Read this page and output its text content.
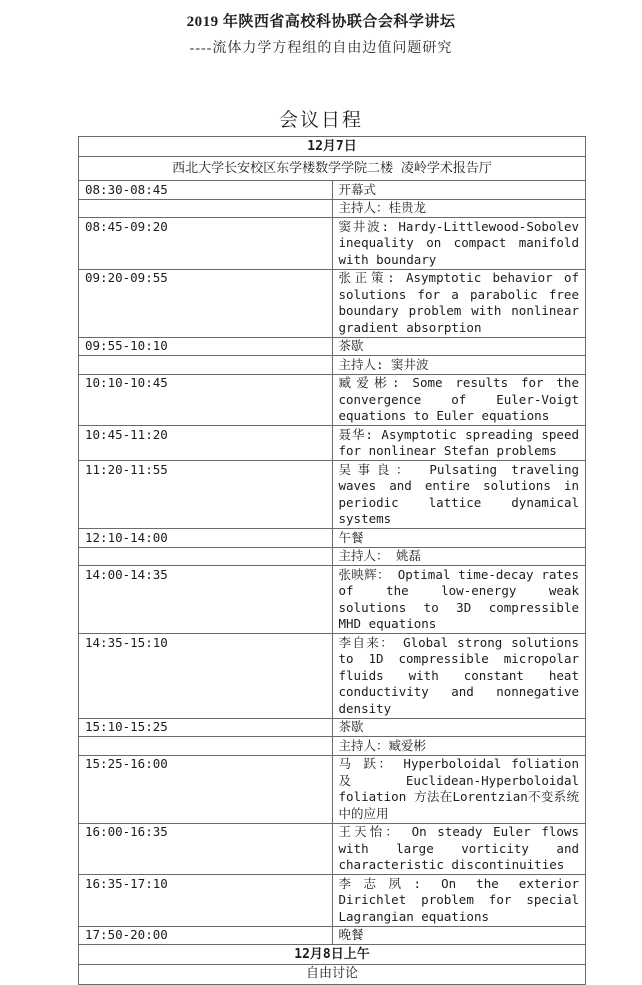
2019 年陕西省高校科协联合会科学讲坛
----流体力学方程组的自由边值问题研究
会议日程
12月7日	
西北大学长安校区东学楼数学学院二楼 凌岭学术报告厅	
08:30-08:45	开幕式
	主持人：桂贵龙
08:45-09:20	窦井波: Hardy-Littlewood-Sobolev inequality on compact manifold with boundary
09:20-09:55	张正策: Asymptotic behavior of solutions for a parabolic free boundary problem with nonlinear gradient absorption
09:55-10:10	茶歇
	主持人: 窦井波
10:10-10:45	臧爱彬: Some results for the convergence of Euler-Voigt equations to Euler equations
10:45-11:20	聂华: Asymptotic spreading speed for nonlinear Stefan problems
11:20-11:55	吴事良： Pulsating traveling waves and entire solutions in periodic lattice dynamical systems
12:10-14:00	午餐
	主持人： 姚磊
14:00-14:35	张映辉： Optimal time-decay rates of the low-energy weak solutions to 3D compressible MHD equations
14:35-15:10	李自来： Global strong solutions to 1D compressible micropolar fluids with constant heat conductivity and nonnegative density
15:10-15:25	茶歇
	主持人：臧爱彬
15:25-16:00	马 跃： Hyperboloidal foliation 及 Euclidean-Hyperboloidal foliation 方法在Lorentzian不变系统中的应用
16:00-16:35	王天怡： On steady Euler flows with large vorticity and characteristic discontinuities
16:35-17:10	李志夙: On the exterior Dirichlet problem for special Lagrangian equations
17:50-20:00	晚餐
12月8日上午	
自由讨论	
